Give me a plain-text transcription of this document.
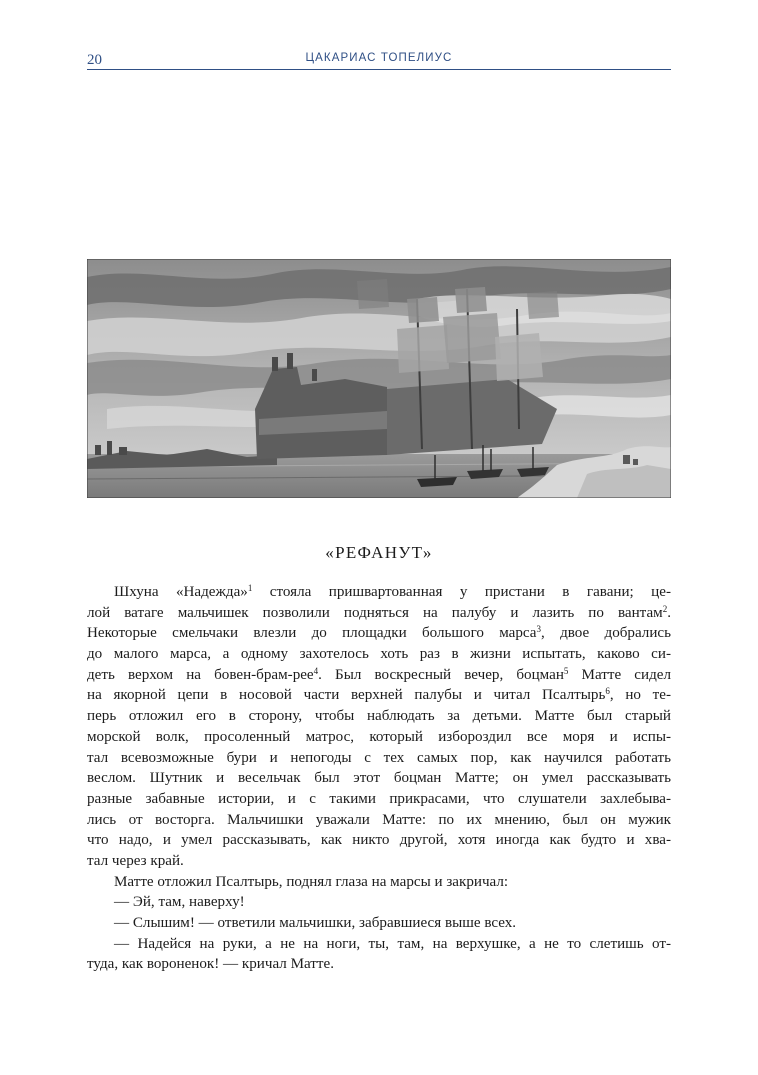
20	ЦАКАРИАС ТОПЕЛИУС
«РЕФАНУТ»
Шхуна «Надежда»$^1$ стояла пришвартованная у пристани в гавани; це-
лой ватаге мальчишек позволили подняться на палубу и лазить по вантам$^2$.
Некоторые смельчаки влезли до площадки большого марса$^3$, двое добрались
до малого марса, а одному захотелось хоть раз в жизни испытать, каково си-
деть верхом на бовен-брам-рее$^4$. Был воскресный вечер, боцман$^5$ Матте сидел
на якорной цепи в носовой части верхней палубы и читал Псалтырь$^6$, но те-
перь отложил его в сторону, чтобы наблюдать за детьми. Матте был старый
морской волк, просоленный матрос, который избороздил все моря и испы-
тал всевозможные бури и непогоды с тех самых пор, как научился работать
веслом. Шутник и весельчак был этот боцман Матте; он умел рассказывать
разные забавные истории, и с такими прикрасами, что слушатели захлебыва-
лись от восторга. Мальчишки уважали Матте: по их мнению, был он мужик
что надо, и умел рассказывать, как никто другой, хотя иногда как будто и хва-
тал через край.
Матте отложил Псалтырь, поднял глаза на марсы и закричал:
— Эй, там, наверху!
— Слышим! — ответили мальчишки, забравшиеся выше всех.
— Надейся на руки, а не на ноги, ты, там, на верхушке, а не то слетишь от-
туда, как вороненок! — кричал Матте.
